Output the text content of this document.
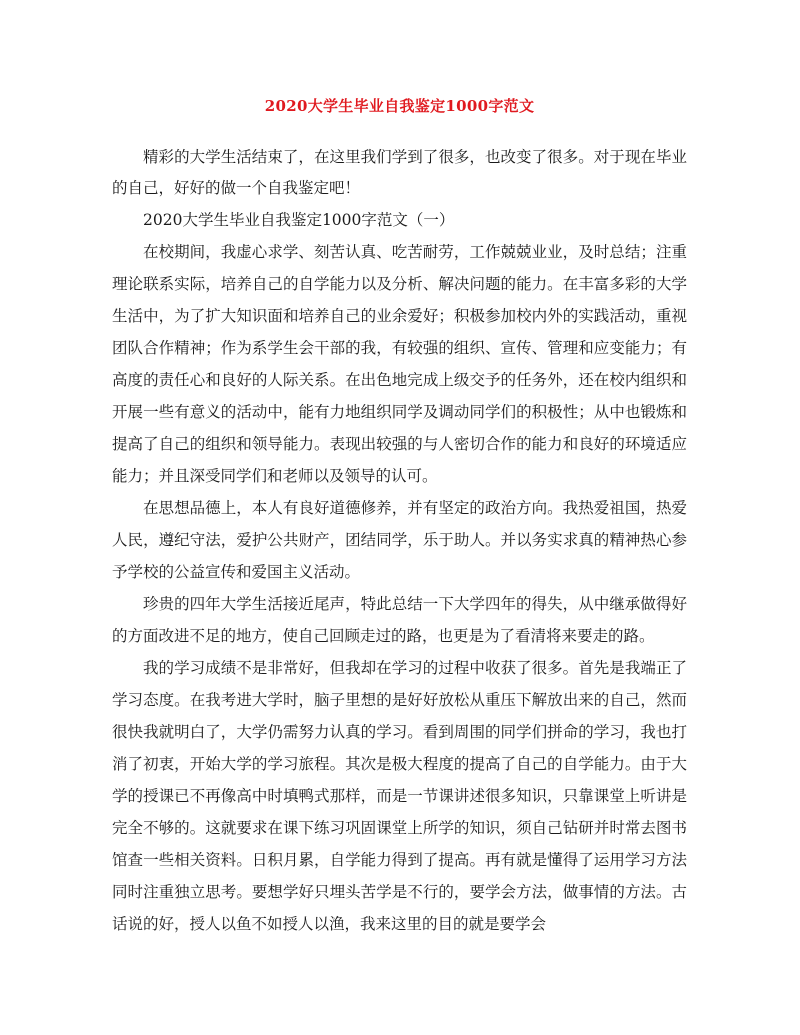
2020大学生毕业自我鉴定1000字范文

精彩的大学生活结束了，在这里我们学到了很多，也改变了很多。对于现在毕业的自己，好好的做一个自我鉴定吧！

2020大学生毕业自我鉴定1000字范文（一）

在校期间，我虚心求学、刻苦认真、吃苦耐劳，工作兢兢业业，及时总结；注重理论联系实际，培养自己的自学能力以及分析、解决问题的能力。在丰富多彩的大学生活中，为了扩大知识面和培养自己的业余爱好；积极参加校内外的实践活动，重视团队合作精神；作为系学生会干部的我，有较强的组织、宣传、管理和应变能力；有高度的责任心和良好的人际关系。在出色地完成上级交予的任务外，还在校内组织和开展一些有意义的活动中，能有力地组织同学及调动同学们的积极性；从中也锻炼和提高了自己的组织和领导能力。表现出较强的与人密切合作的能力和良好的环境适应能力；并且深受同学们和老师以及领导的认可。

在思想品德上，本人有良好道德修养，并有坚定的政治方向。我热爱祖国，热爱人民，遵纪守法，爱护公共财产，团结同学，乐于助人。并以务实求真的精神热心参予学校的公益宣传和爱国主义活动。

珍贵的四年大学生活接近尾声，特此总结一下大学四年的得失，从中继承做得好的方面改进不足的地方，使自己回顾走过的路，也更是为了看清将来要走的路。

我的学习成绩不是非常好，但我却在学习的过程中收获了很多。首先是我端正了学习态度。在我考进大学时，脑子里想的是好好放松从重压下解放出来的自己，然而很快我就明白了，大学仍需努力认真的学习。看到周围的同学们拼命的学习，我也打消了初衷，开始大学的学习旅程。其次是极大程度的提高了自己的自学能力。由于大学的授课已不再像高中时填鸭式那样，而是一节课讲述很多知识，只靠课堂上听讲是完全不够的。这就要求在课下练习巩固课堂上所学的知识，须自己钻研并时常去图书馆查一些相关资料。日积月累，自学能力得到了提高。再有就是懂得了运用学习方法同时注重独立思考。要想学好只埋头苦学是不行的，要学会方法，做事情的方法。古话说的好，授人以鱼不如授人以渔，我来这里的目的就是要学会
